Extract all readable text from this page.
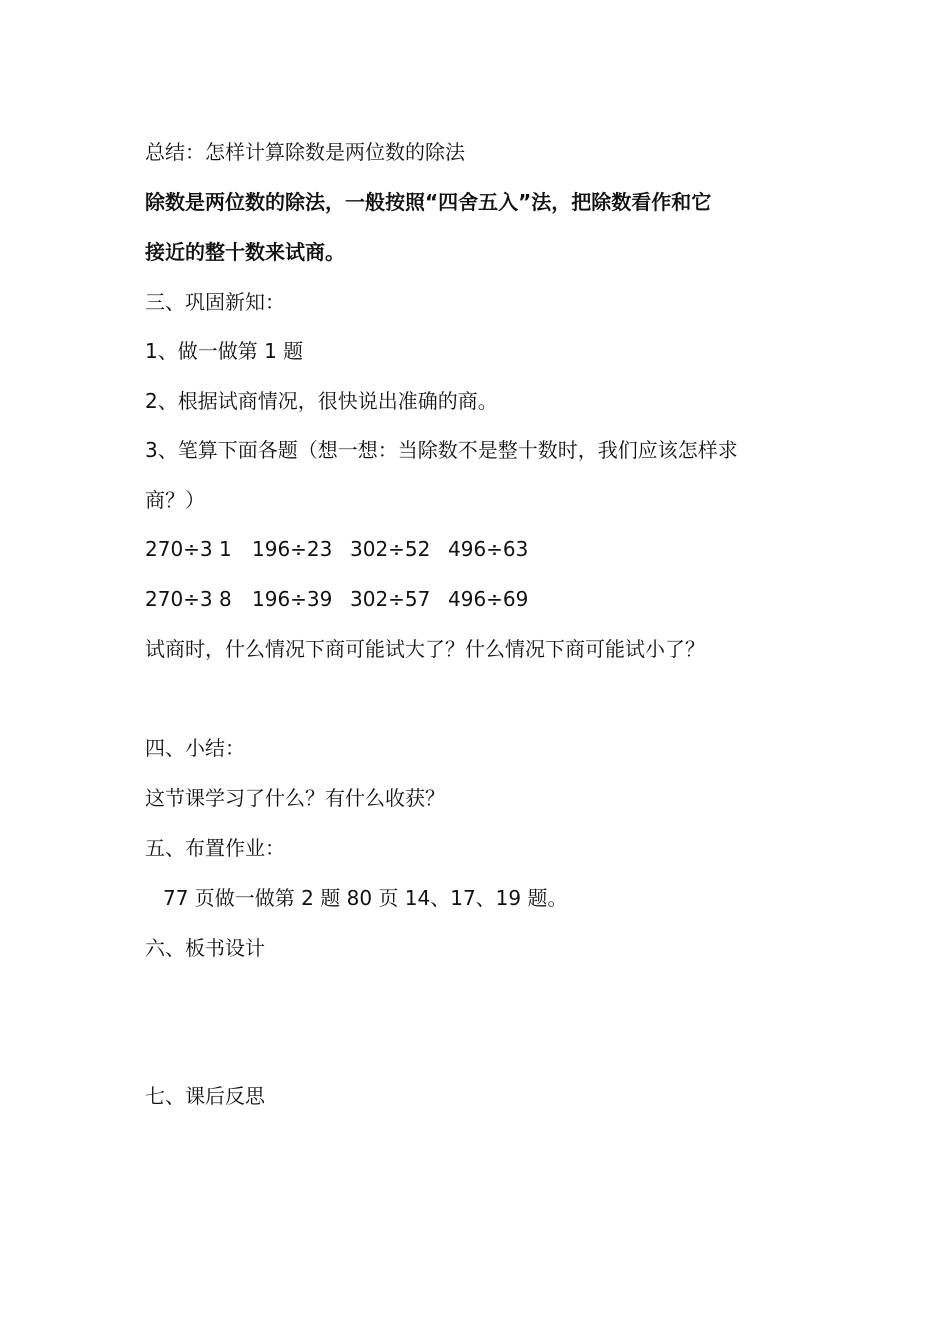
总结：怎样计算除数是两位数的除法
除数是两位数的除法，一般按照“四舍五入”法，把除数看作和它
接近的整十数来试商。
三、巩固新知：
1、做一做第 1 题
2、根据试商情况，很快说出准确的商。
3、笔算下面各题（想一想：当除数不是整十数时，我们应该怎样求
商？）
270÷3 1 196÷23 302÷52 496÷63
270÷3 8 196÷39 302÷57 496÷69
试商时，什么情况下商可能试大了？什么情况下商可能试小了？
四、小结：
这节课学习了什么？有什么收获？
五、布置作业：
77 页做一做第 2 题 80 页 14、17、19 题。
六、板书设计
七、课后反思
